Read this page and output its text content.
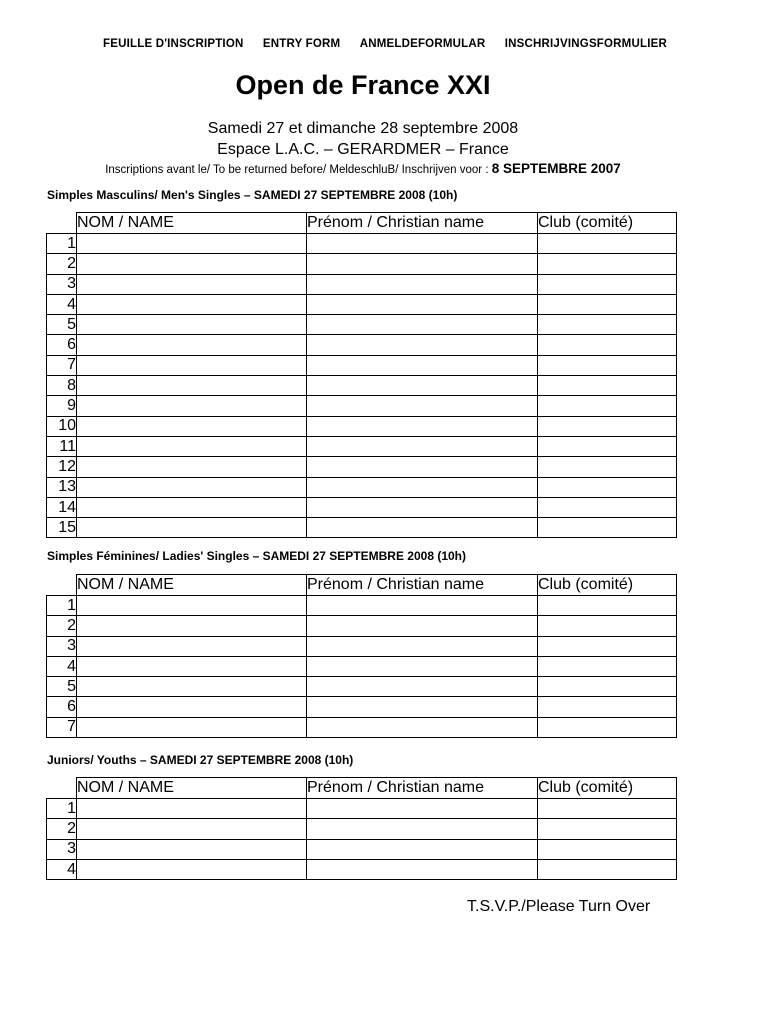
FEUILLE D'INSCRIPTION ENTRY FORM ANMELDEFORMULAR INSCHRIJVINGSFORMULIER
Open de France XXI
Samedi 27 et dimanche 28 septembre 2008
Espace L.A.C. – GERARDMER – France
Inscriptions avant le/ To be returned before/ MeldeschluB/ Inschrijven voor : 8 SEPTEMBRE 2007
Simples Masculins/ Men's Singles – SAMEDI 27 SEPTEMBRE 2008 (10h)
	NOM / NAME	Prénom / Christian name	Club (comité)
1			
2			
3			
4			
5			
6			
7			
8			
9			
10			
11			
12			
13			
14			
15			
Simples Féminines/ Ladies' Singles – SAMEDI 27 SEPTEMBRE 2008 (10h)
	NOM / NAME	Prénom / Christian name	Club (comité)
1			
2			
3			
4			
5			
6			
7			
Juniors/ Youths – SAMEDI 27 SEPTEMBRE 2008 (10h)
	NOM / NAME	Prénom / Christian name	Club (comité)
1			
2			
3			
4			
T.S.V.P./Please Turn Over
